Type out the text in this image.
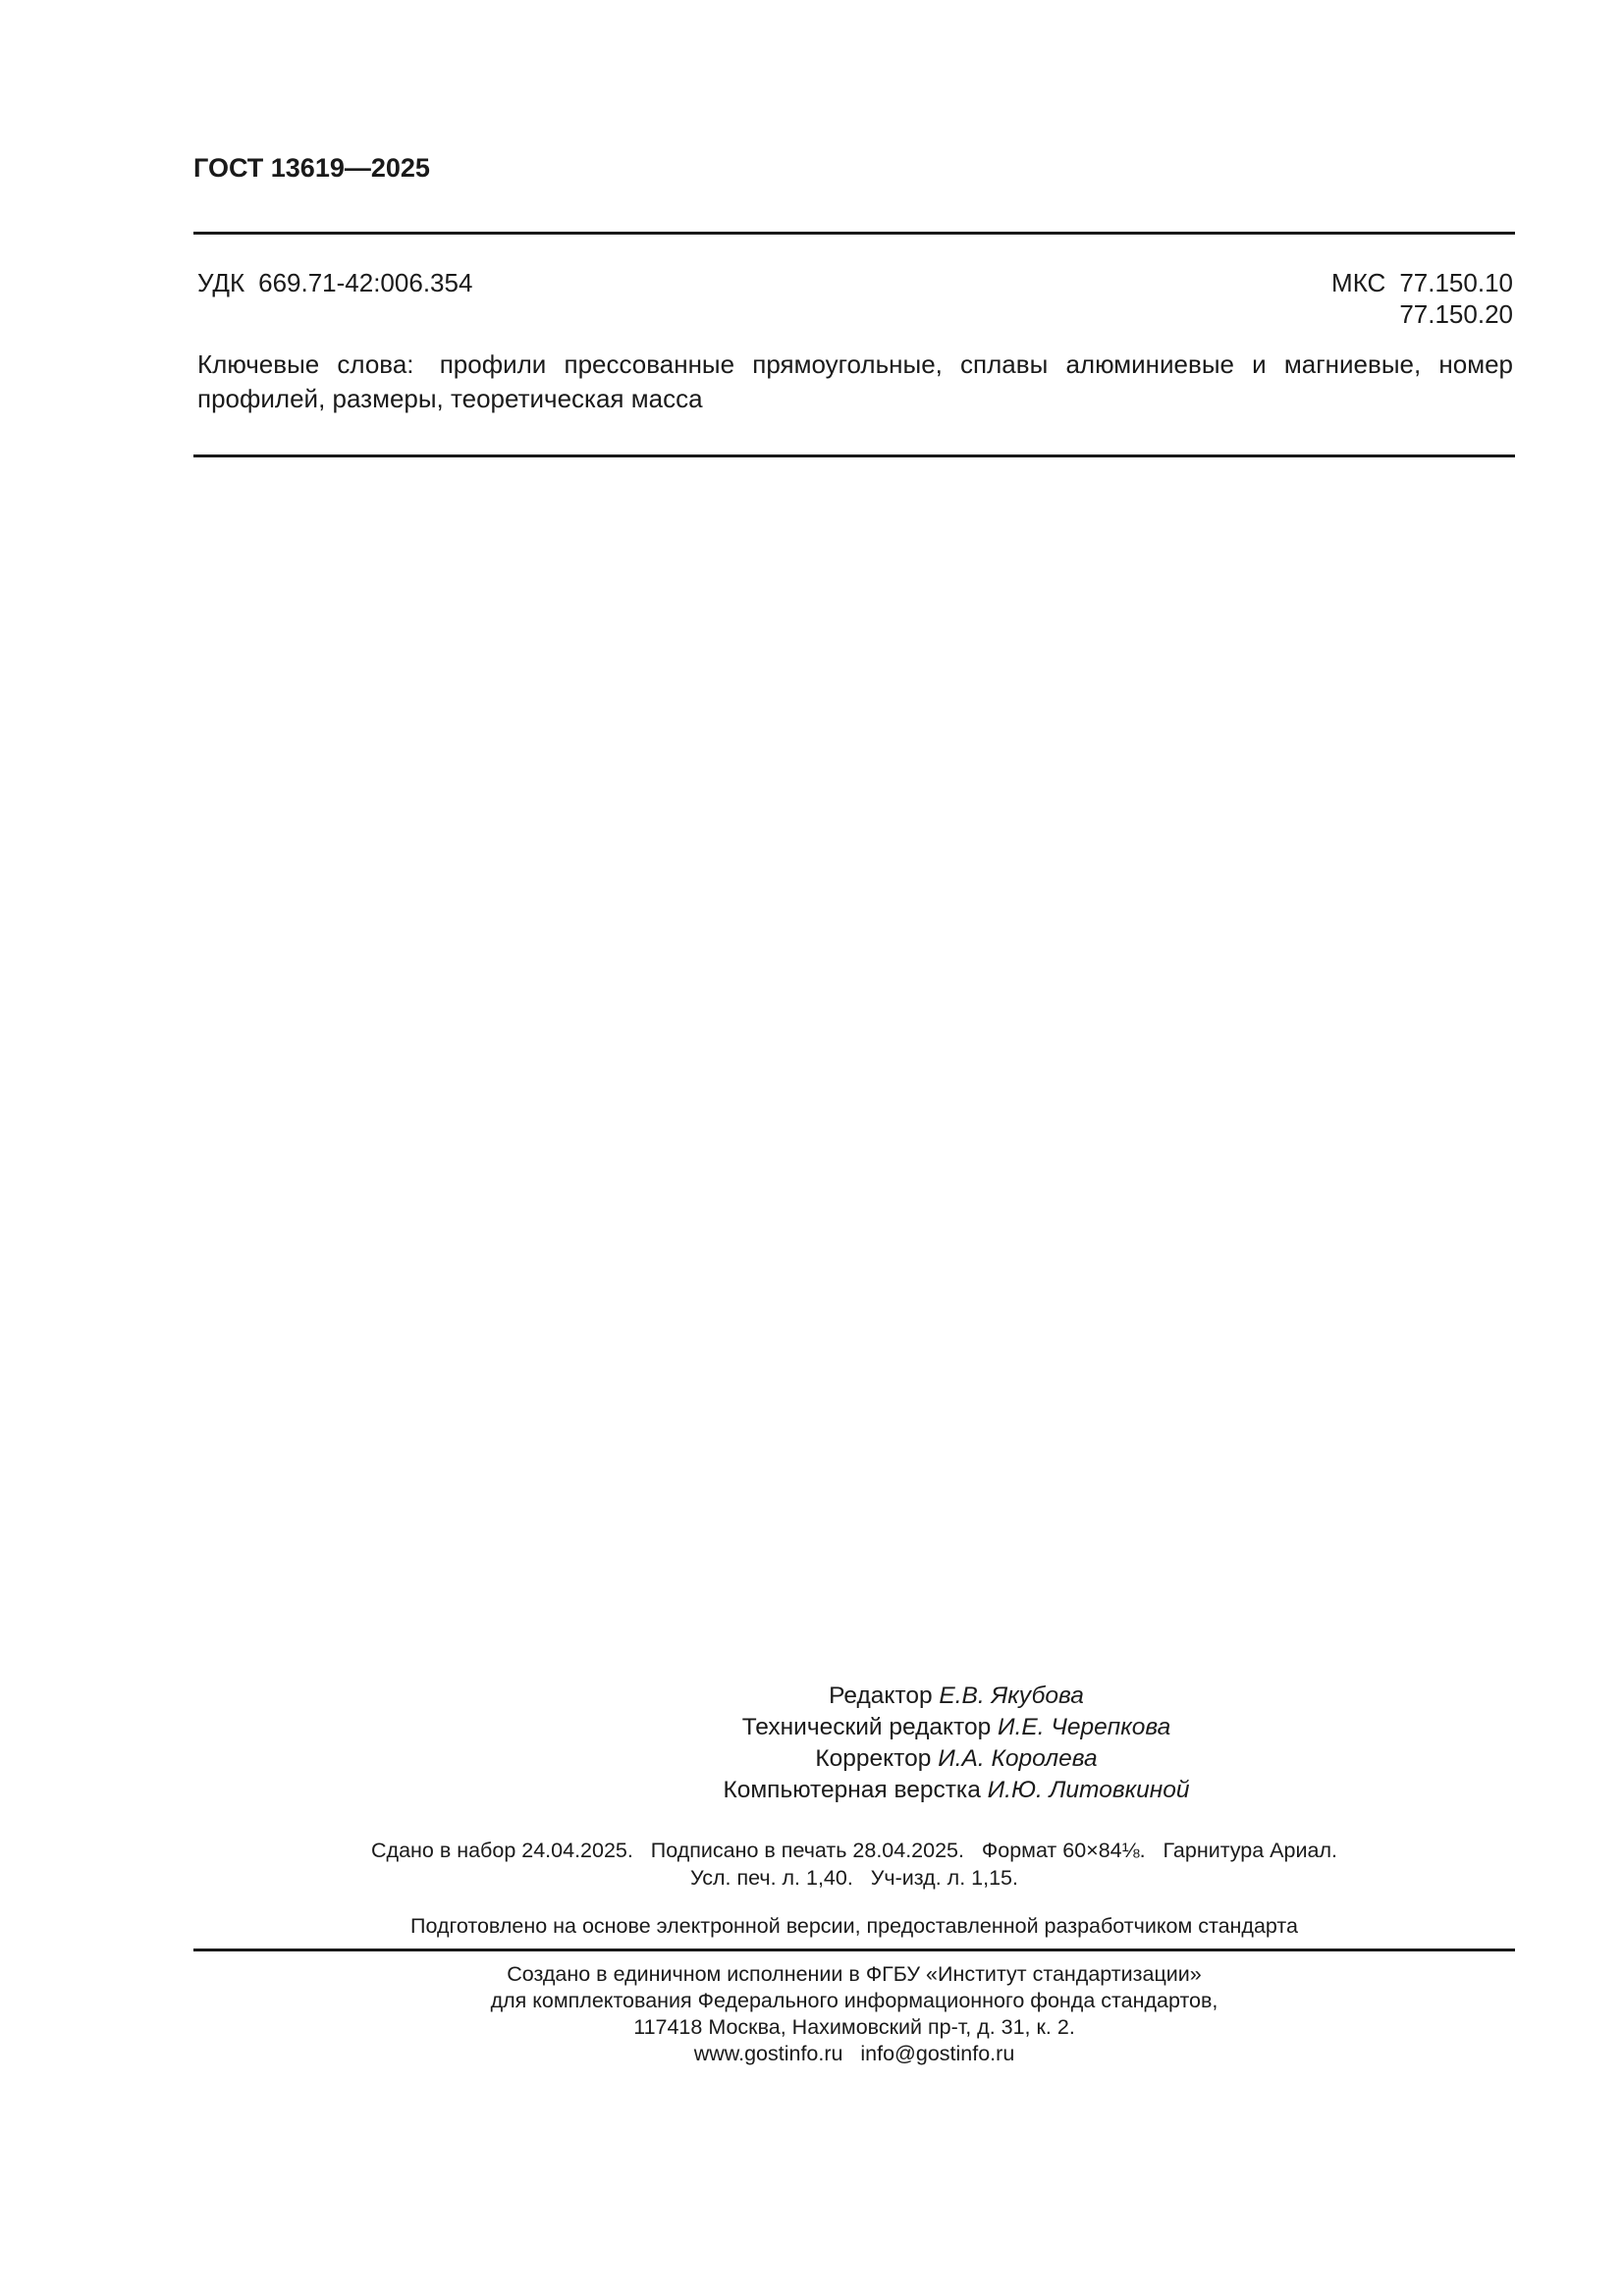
ГОСТ 13619—2025
УДК 669.71-42:006.354	МКС 77.150.10
77.150.20
Ключевые слова: профили прессованные прямоугольные, сплавы алюминиевые и магниевые, номер профилей, размеры, теоретическая масса
Редактор Е.В. Якубова
Технический редактор И.Е. Черепкова
Корректор И.А. Королева
Компьютерная верстка И.Ю. Литовкиной
Сдано в набор 24.04.2025. Подписано в печать 28.04.2025. Формат 60×84⅛. Гарнитура Ариал.
Усл. печ. л. 1,40. Уч-изд. л. 1,15.
Подготовлено на основе электронной версии, предоставленной разработчиком стандарта
Создано в единичном исполнении в ФГБУ «Институт стандартизации»
для комплектования Федерального информационного фонда стандартов,
117418 Москва, Нахимовский пр-т, д. 31, к. 2.
www.gostinfo.ru info@gostinfo.ru
